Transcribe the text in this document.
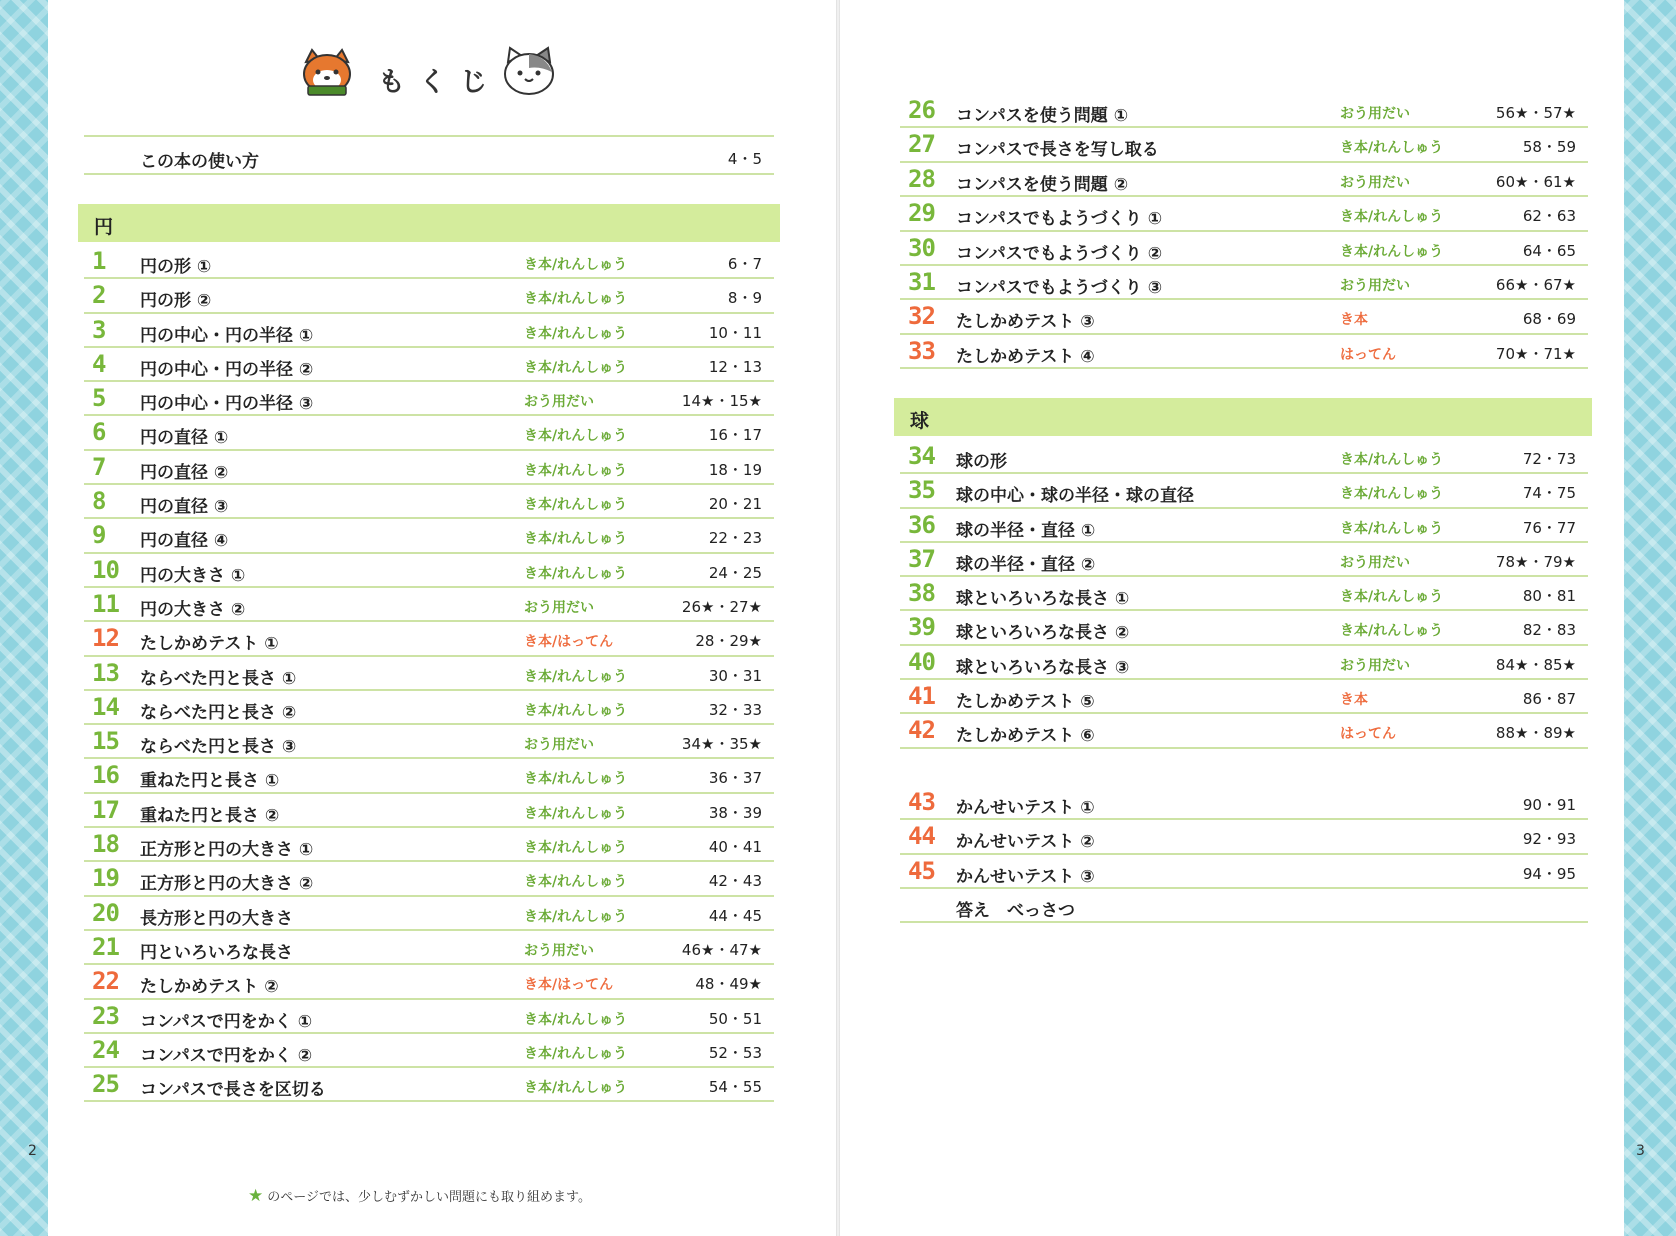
もくじ
この本の使い方	4・5
円
1 円の形 ①	き本/れんしゅう	6・7
2 円の形 ②	き本/れんしゅう	8・9
3 円の中心・円の半径 ①	き本/れんしゅう	10・11
4 円の中心・円の半径 ②	き本/れんしゅう	12・13
5 円の中心・円の半径 ③	おう用だい	14★・15★
6 円の直径 ①	き本/れんしゅう	16・17
7 円の直径 ②	き本/れんしゅう	18・19
8 円の直径 ③	き本/れんしゅう	20・21
9 円の直径 ④	き本/れんしゅう	22・23
10 円の大きさ ①	き本/れんしゅう	24・25
11 円の大きさ ②	おう用だい	26★・27★
12 たしかめテスト ①	き本/はってん	28・29★
13 ならべた円と長さ ①	き本/れんしゅう	30・31
14 ならべた円と長さ ②	き本/れんしゅう	32・33
15 ならべた円と長さ ③	おう用だい	34★・35★
16 重ねた円と長さ ①	き本/れんしゅう	36・37
17 重ねた円と長さ ②	き本/れんしゅう	38・39
18 正方形と円の大きさ ①	き本/れんしゅう	40・41
19 正方形と円の大きさ ②	き本/れんしゅう	42・43
20 長方形と円の大きさ	き本/れんしゅう	44・45
21 円といろいろな長さ	おう用だい	46★・47★
22 たしかめテスト ②	き本/はってん	48・49★
23 コンパスで円をかく ①	き本/れんしゅう	50・51
24 コンパスで円をかく ②	き本/れんしゅう	52・53
25 コンパスで長さを区切る	き本/れんしゅう	54・55
26 コンパスを使う問題 ①	おう用だい	56★・57★
27 コンパスで長さを写し取る	き本/れんしゅう	58・59
28 コンパスを使う問題 ②	おう用だい	60★・61★
29 コンパスでもようづくり ①	き本/れんしゅう	62・63
30 コンパスでもようづくり ②	き本/れんしゅう	64・65
31 コンパスでもようづくり ③	おう用だい	66★・67★
32 たしかめテスト ③	き本	68・69
33 たしかめテスト ④	はってん	70★・71★
球
34 球の形	き本/れんしゅう	72・73
35 球の中心・球の半径・球の直径	き本/れんしゅう	74・75
36 球の半径・直径 ①	き本/れんしゅう	76・77
37 球の半径・直径 ②	おう用だい	78★・79★
38 球といろいろな長さ ①	き本/れんしゅう	80・81
39 球といろいろな長さ ②	き本/れんしゅう	82・83
40 球といろいろな長さ ③	おう用だい	84★・85★
41 たしかめテスト ⑤	き本	86・87
42 たしかめテスト ⑥	はってん	88★・89★
43 かんせいテスト ①	90・91
44 かんせいテスト ②	92・93
45 かんせいテスト ③	94・95
答え　べっさつ
2	3
★ のページでは、少しむずかしい問題にも取り組めます。
